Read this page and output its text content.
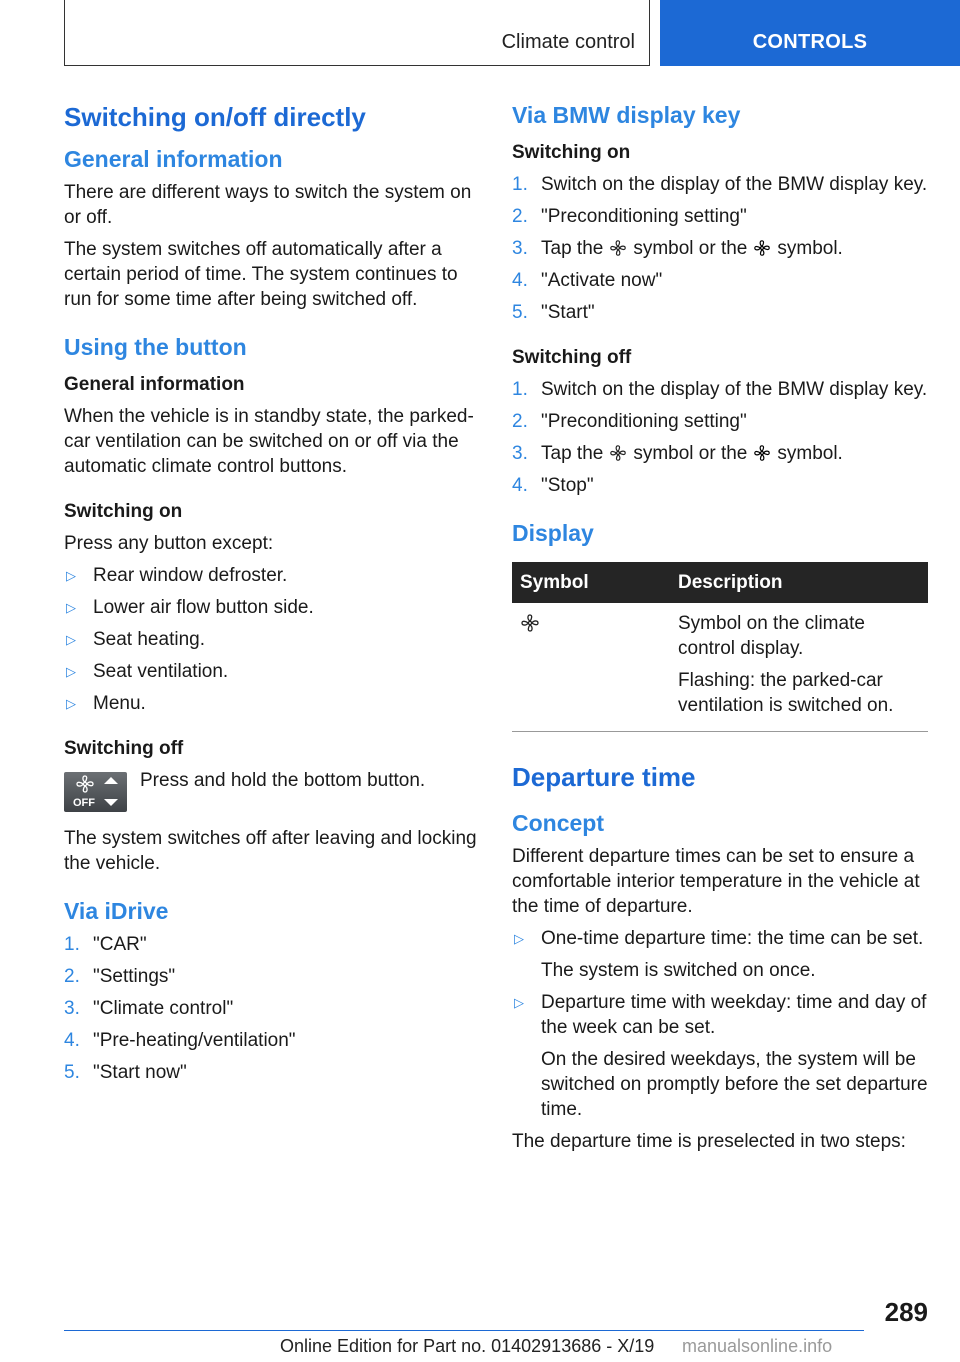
Climate control	CONTROLS
Switching on/off directly
General information

There are different ways to switch the system on or off.

The system switches off automatically after a certain period of time. The system continues to run for some time after being switched off.

Using the button
General information

When the vehicle is in standby state, the parked-car ventilation can be switched on or off via the automatic climate control buttons.

Switching on

Press any button except:

▷ Rear window defroster.
▷ Lower air flow button side.
▷ Seat heating.
▷ Seat ventilation.
▷ Menu.
Switching off
OFF
Press and hold the bottom button.

The system switches off after leaving and locking the vehicle.

Via iDrive
1. "CAR"
2. "Settings"
3. "Climate control"
4. "Pre-heating/ventilation"
5. "Start now"
Via BMW display key
Switching on
1. Switch on the display of the BMW display key.
2. "Preconditioning setting"
3. Tap the symbol or the symbol.
4. "Activate now"
5. "Start"
Switching off
1. Switch on the display of the BMW display key.
2. "Preconditioning setting"
3. Tap the symbol or the symbol.
4. "Stop"
Display
Symbol	Description

Symbol on the climate control display.

Flashing: the parked-car ventilation is switched on.

Departure time
Concept

Different departure times can be set to ensure a comfortable interior temperature in the vehicle at the time of departure.

▷ One-time departure time: the time can be set.
The system is switched on once.
▷ Departure time with weekday: time and day of the week can be set.
On the desired weekdays, the system will be switched on promptly before the set departure time.

The departure time is preselected in two steps:

289
Online Edition for Part no. 01402913686 - X/19 manualsonline.info
